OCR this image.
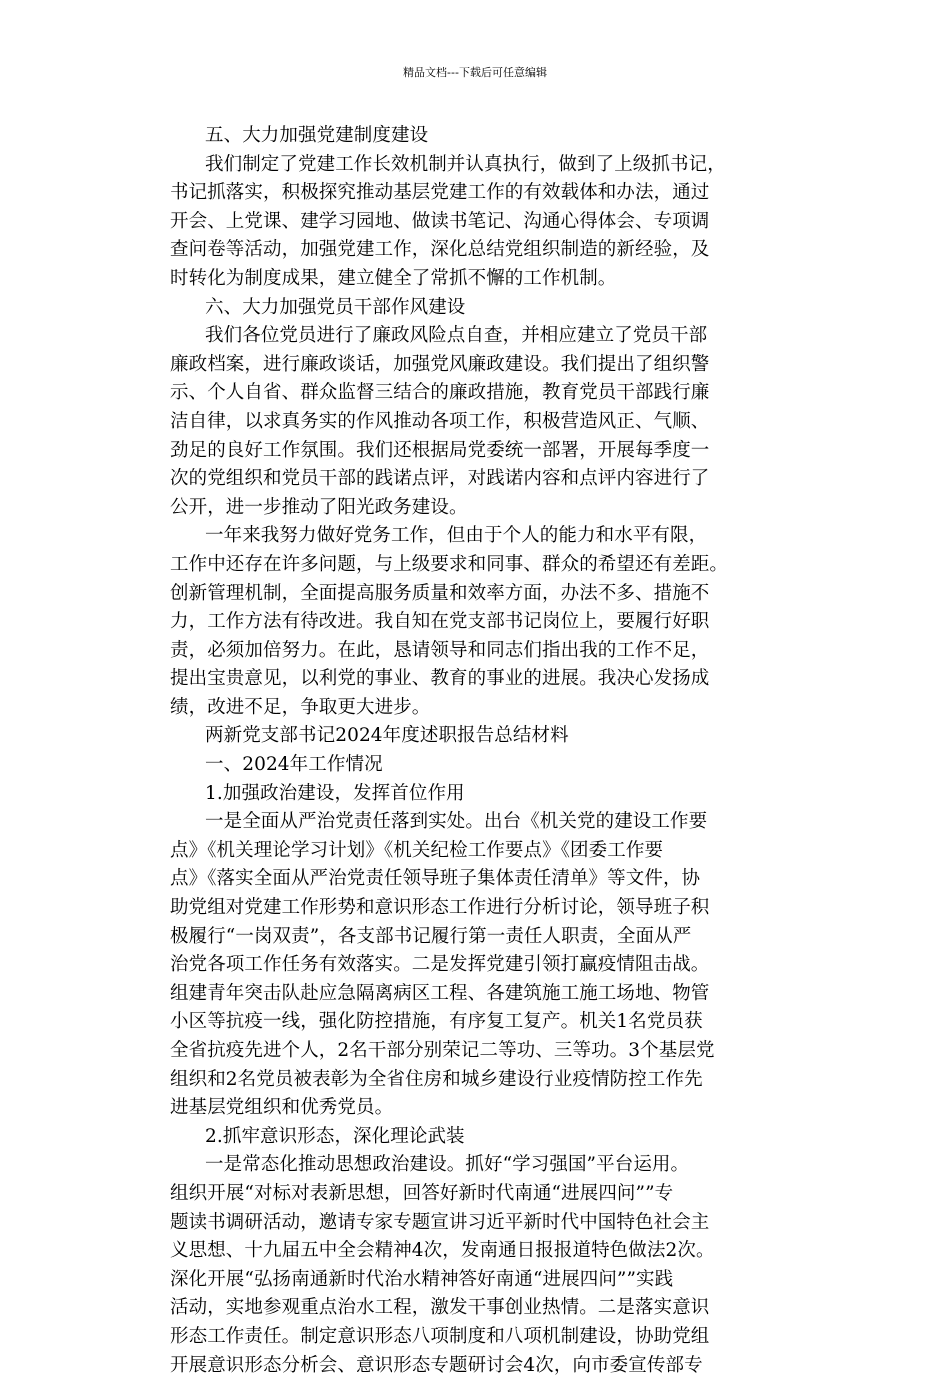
精品文档---下载后可任意编辑
五、大力加强党建制度建设
我们制定了党建工作长效机制并认真执行，做到了上级抓书记，
书记抓落实，积极探究推动基层党建工作的有效载体和办法，通过
开会、上党课、建学习园地、做读书笔记、沟通心得体会、专项调
查问卷等活动，加强党建工作，深化总结党组织制造的新经验，及
时转化为制度成果，建立健全了常抓不懈的工作机制。
六、大力加强党员干部作风建设
我们各位党员进行了廉政风险点自查，并相应建立了党员干部
廉政档案，进行廉政谈话，加强党风廉政建设。我们提出了组织警
示、个人自省、群众监督三结合的廉政措施，教育党员干部践行廉
洁自律，以求真务实的作风推动各项工作，积极营造风正、气顺、
劲足的良好工作氛围。我们还根据局党委统一部署，开展每季度一
次的党组织和党员干部的践诺点评，对践诺内容和点评内容进行了
公开，进一步推动了阳光政务建设。
一年来我努力做好党务工作，但由于个人的能力和水平有限，
工作中还存在许多问题，与上级要求和同事、群众的希望还有差距。
创新管理机制，全面提高服务质量和效率方面，办法不多、措施不
力，工作方法有待改进。我自知在党支部书记岗位上，要履行好职
责，必须加倍努力。在此，恳请领导和同志们指出我的工作不足，
提出宝贵意见，以利党的事业、教育的事业的进展。我决心发扬成
绩，改进不足，争取更大进步。
两新党支部书记2024年度述职报告总结材料
一、2024年工作情况
1.加强政治建设，发挥首位作用
一是全面从严治党责任落到实处。出台《机关党的建设工作要
点》《机关理论学习计划》《机关纪检工作要点》《团委工作要
点》《落实全面从严治党责任领导班子集体责任清单》等文件，协
助党组对党建工作形势和意识形态工作进行分析讨论，领导班子积
极履行“一岗双责”，各支部书记履行第一责任人职责，全面从严
治党各项工作任务有效落实。二是发挥党建引领打赢疫情阻击战。
组建青年突击队赴应急隔离病区工程、各建筑施工施工场地、物管
小区等抗疫一线，强化防控措施，有序复工复产。机关1名党员获
全省抗疫先进个人，2名干部分别荣记二等功、三等功。3个基层党
组织和2名党员被表彰为全省住房和城乡建设行业疫情防控工作先
进基层党组织和优秀党员。
2.抓牢意识形态，深化理论武装
一是常态化推动思想政治建设。抓好“学习强国”平台运用。
组织开展“对标对表新思想，回答好新时代南通“进展四问””专
题读书调研活动，邀请专家专题宣讲习近平新时代中国特色社会主
义思想、十九届五中全会精神4次，发南通日报报道特色做法2次。
深化开展“弘扬南通新时代治水精神答好南通“进展四问””实践
活动，实地参观重点治水工程，激发干事创业热情。二是落实意识
形态工作责任。制定意识形态八项制度和八项机制建设，协助党组
开展意识形态分析会、意识形态专题研讨会4次，向市委宣传部专
